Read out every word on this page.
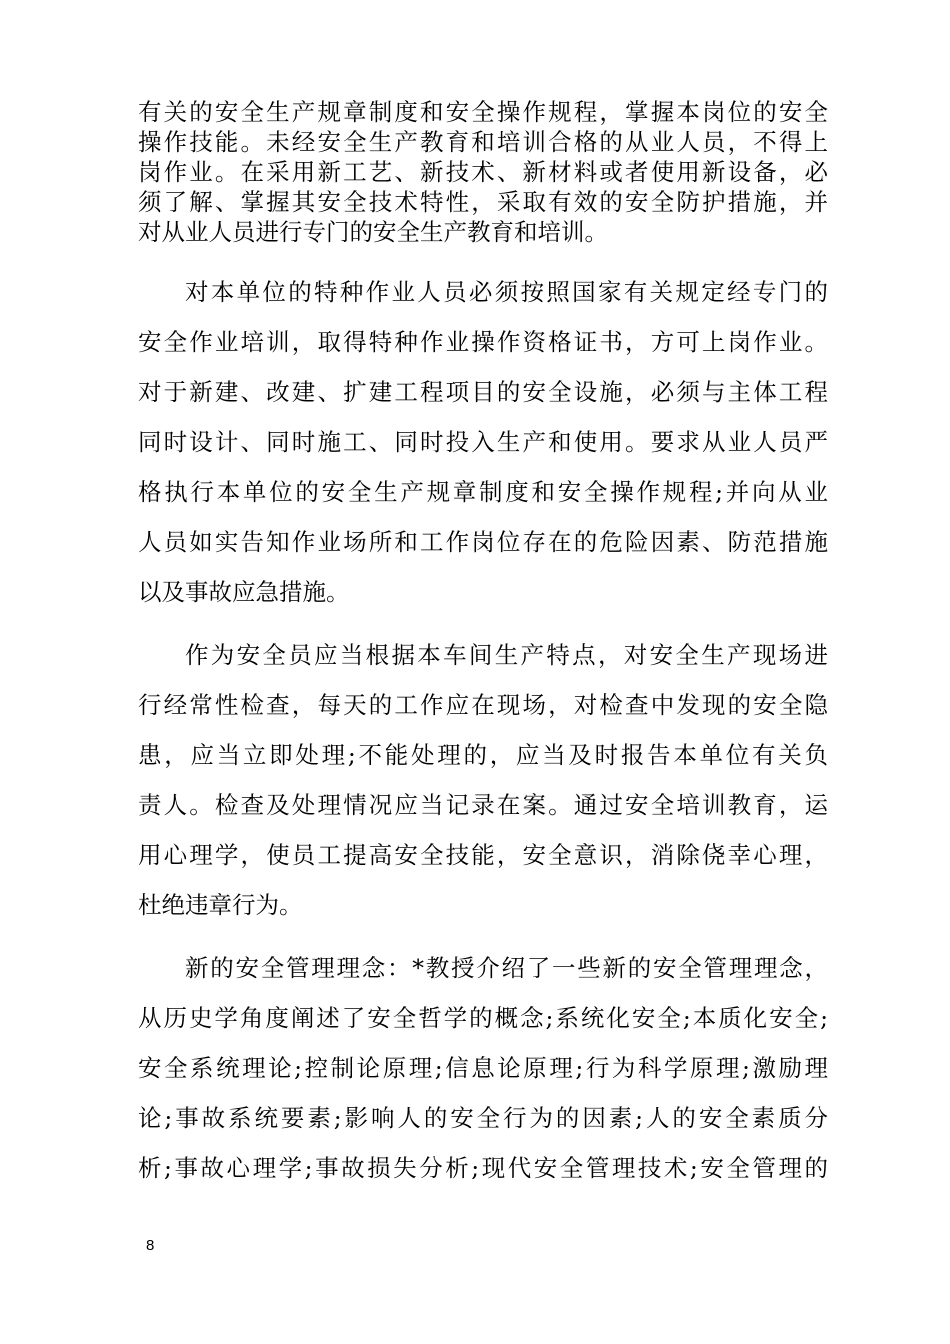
有关的安全生产规章制度和安全操作规程，掌握本岗位的安全
操作技能。未经安全生产教育和培训合格的从业人员，不得上
岗作业。在采用新工艺、新技术、新材料或者使用新设备，必
须了解、掌握其安全技术特性，采取有效的安全防护措施，并
对从业人员进行专门的安全生产教育和培训。
对本单位的特种作业人员必须按照国家有关规定经专门的
安全作业培训，取得特种作业操作资格证书，方可上岗作业。
对于新建、改建、扩建工程项目的安全设施，必须与主体工程
同时设计、同时施工、同时投入生产和使用。要求从业人员严
格执行本单位的安全生产规章制度和安全操作规程;并向从业
人员如实告知作业场所和工作岗位存在的危险因素、防范措施
以及事故应急措施。
作为安全员应当根据本车间生产特点，对安全生产现场进
行经常性检查，每天的工作应在现场，对检查中发现的安全隐
患，应当立即处理;不能处理的，应当及时报告本单位有关负
责人。检查及处理情况应当记录在案。通过安全培训教育，运
用心理学，使员工提高安全技能，安全意识，消除侥幸心理，
杜绝违章行为。
新的安全管理理念：*教授介绍了一些新的安全管理理念，
从历史学角度阐述了安全哲学的概念;系统化安全;本质化安全;
安全系统理论;控制论原理;信息论原理;行为科学原理;激励理
论;事故系统要素;影响人的安全行为的因素;人的安全素质分
析;事故心理学;事故损失分析;现代安全管理技术;安全管理的
8
